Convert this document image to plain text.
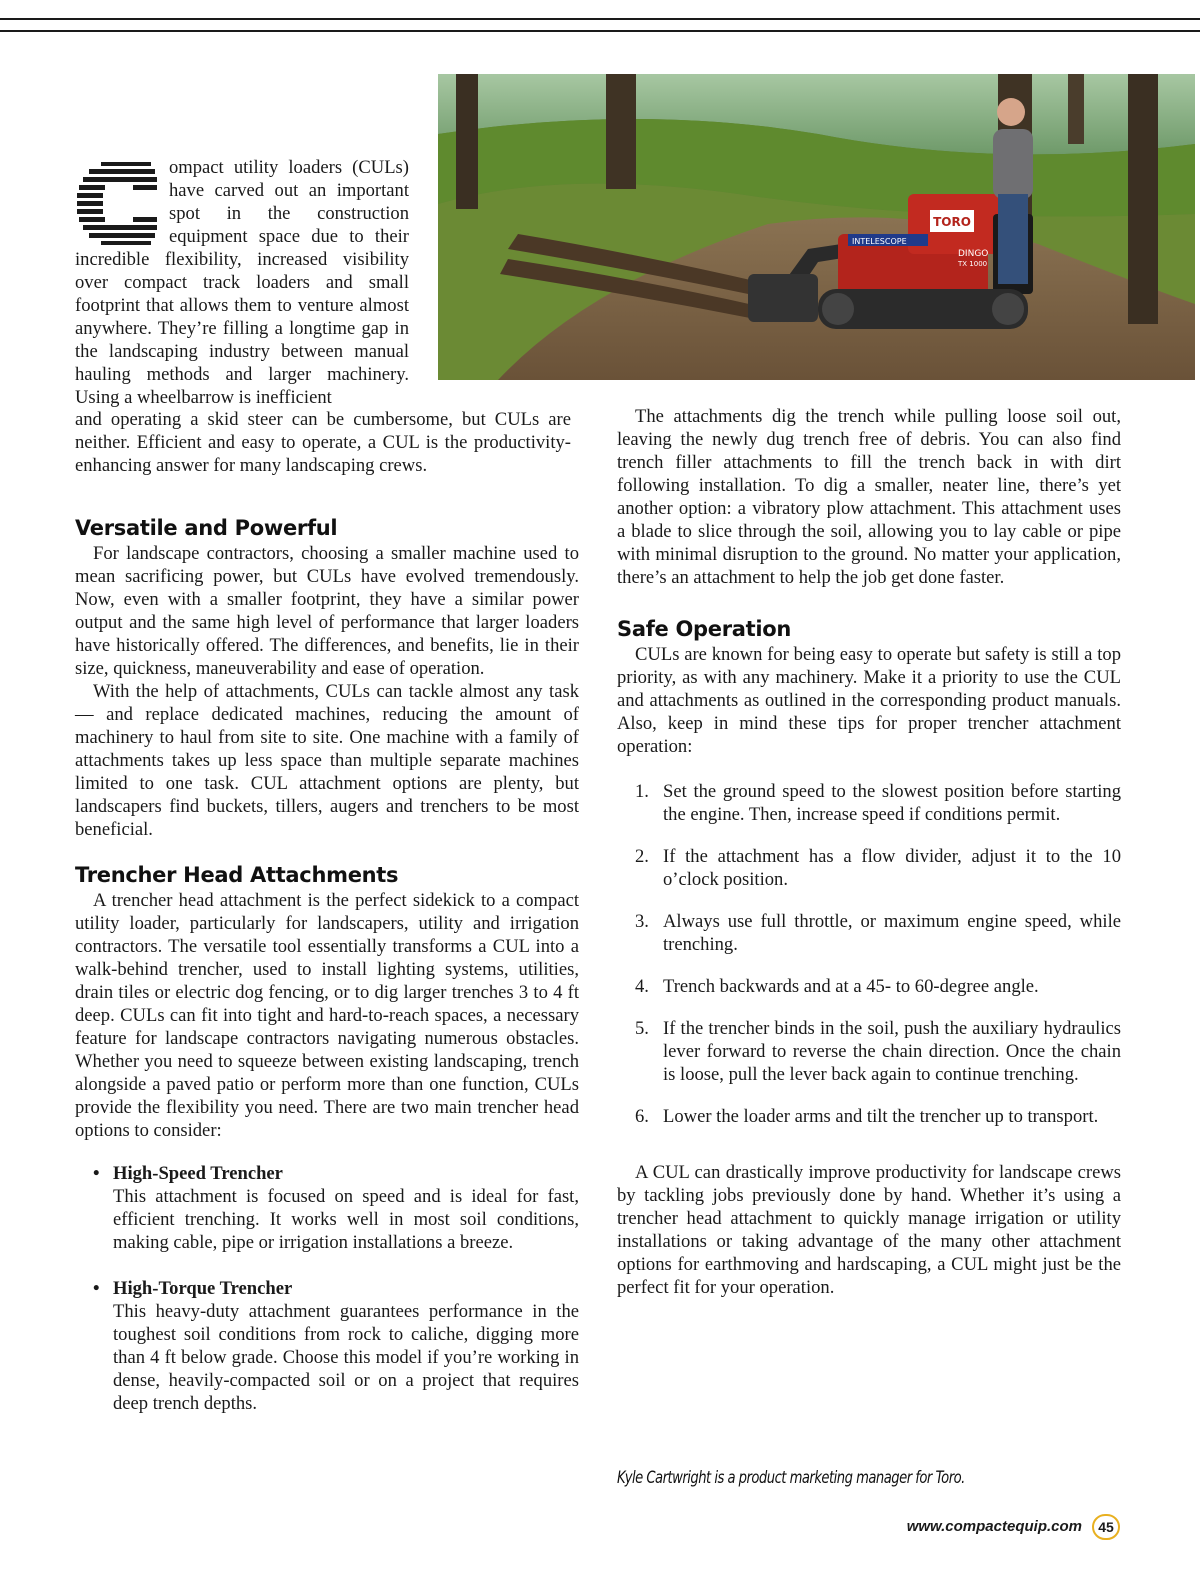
TORO
DINGO
TX 1000
INTELESCOPE

ompact utility loaders (CULs) have carved out an important spot in the construction equipment space due to their incredible flexibility, increased visibility over compact track loaders and small footprint that allows them to venture almost anywhere. They’re filling a longtime gap in the landscaping industry between manual hauling methods and larger machinery. Using a wheelbarrow is inefficient

and operating a skid steer can be cumbersome, but CULs are neither. Efficient and easy to operate, a CUL is the productivity-enhancing answer for many landscaping crews.

Versatile and Powerful

For landscape contractors, choosing a smaller machine used to mean sacrificing power, but CULs have evolved tremendously. Now, even with a smaller footprint, they have a similar power output and the same high level of performance that larger loaders have historically offered. The differences, and benefits, lie in their size, quickness, maneuverability and ease of operation.

With the help of attachments, CULs can tackle almost any task — and replace dedicated machines, reducing the amount of machinery to haul from site to site. One machine with a family of attachments takes up less space than multiple separate machines limited to one task. CUL attachment options are plenty, but landscapers find buckets, tillers, augers and trenchers to be most beneficial.

Trencher Head Attachments

A trencher head attachment is the perfect sidekick to a compact utility loader, particularly for landscapers, utility and irrigation contractors. The versatile tool essentially transforms a CUL into a walk-behind trencher, used to install lighting systems, utilities, drain tiles or electric dog fencing, or to dig larger trenches 3 to 4 ft deep. CULs can fit into tight and hard-to-reach spaces, a necessary feature for landscape contractors navigating numerous obstacles. Whether you need to squeeze between existing landscaping, trench alongside a paved patio or perform more than one function, CULs provide the flexibility you need. There are two main trencher head options to consider:

• High-Speed Trencher
This attachment is focused on speed and is ideal for fast, efficient trenching. It works well in most soil conditions, making cable, pipe or irrigation installations a breeze.
• High-Torque Trencher
This heavy-duty attachment guarantees performance in the toughest soil conditions from rock to caliche, digging more than 4 ft below grade. Choose this model if you’re working in dense, heavily-compacted soil or on a project that requires deep trench depths.

The attachments dig the trench while pulling loose soil out, leaving the newly dug trench free of debris. You can also find trench filler attachments to fill the trench back in with dirt following installation. To dig a smaller, neater line, there’s yet another option: a vibratory plow attachment. This attachment uses a blade to slice through the soil, allowing you to lay cable or pipe with minimal disruption to the ground. No matter your application, there’s an attachment to help the job get done faster.

Safe Operation

CULs are known for being easy to operate but safety is still a top priority, as with any machinery. Make it a priority to use the CUL and attachments as outlined in the corresponding product manuals. Also, keep in mind these tips for proper trencher attachment operation:

1. Set the ground speed to the slowest position before starting the engine. Then, increase speed if conditions permit.
2. If the attachment has a flow divider, adjust it to the 10 o’clock position.
3. Always use full throttle, or maximum engine speed, while trenching.
4. Trench backwards and at a 45- to 60-degree angle.
5. If the trencher binds in the soil, push the auxiliary hydraulics lever forward to reverse the chain direction. Once the chain is loose, pull the lever back again to continue trenching.
6. Lower the loader arms and tilt the trencher up to transport.

A CUL can drastically improve productivity for landscape crews by tackling jobs previously done by hand. Whether it’s using a trencher head attachment to quickly manage irrigation or utility installations or taking advantage of the many other attachment options for earthmoving and hardscaping, a CUL might just be the perfect fit for your operation.

Kyle Cartwright is a product marketing manager for Toro.
www.compactequip.com	45
